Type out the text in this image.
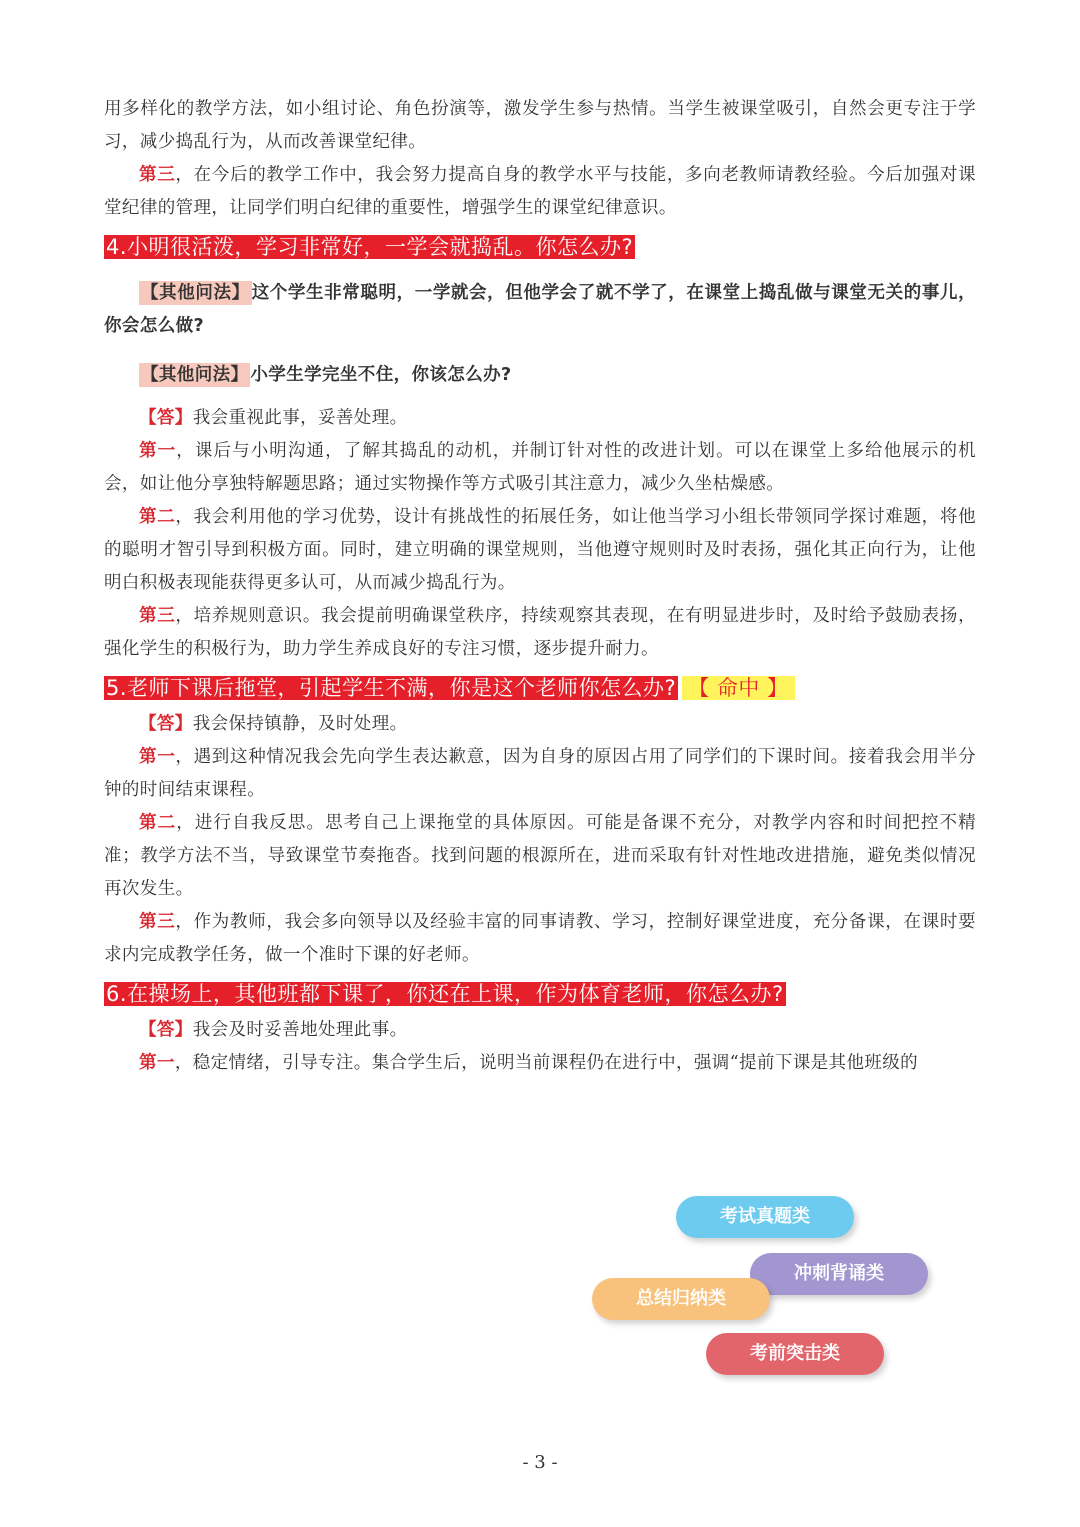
用多样化的教学方法，如小组讨论、角色扮演等，激发学生参与热情。当学生被课堂吸引，自然会更专注于学习，减少捣乱行为，从而改善课堂纪律。

第三，在今后的教学工作中，我会努力提高自身的教学水平与技能，多向老教师请教经验。今后加强对课堂纪律的管理，让同学们明白纪律的重要性，增强学生的课堂纪律意识。

4.小明很活泼，学习非常好，一学会就捣乱。你怎么办?

【其他问法】 这个学生非常聪明，一学就会，但他学会了就不学了，在课堂上捣乱做与课堂无关的事儿，你会怎么做?

【其他问法】 小学生学完坐不住，你该怎么办?

【答】我会重视此事，妥善处理。

第一，课后与小明沟通，了解其捣乱的动机，并制订针对性的改进计划。可以在课堂上多给他展示的机会，如让他分享独特解题思路；通过实物操作等方式吸引其注意力，减少久坐枯燥感。

第二，我会利用他的学习优势，设计有挑战性的拓展任务，如让他当学习小组长带领同学探讨难题，将他的聪明才智引导到积极方面。同时，建立明确的课堂规则，当他遵守规则时及时表扬，强化其正向行为，让他明白积极表现能获得更多认可，从而减少捣乱行为。

第三，培养规则意识。我会提前明确课堂秩序，持续观察其表现，在有明显进步时，及时给予鼓励表扬，强化学生的积极行为，助力学生养成良好的专注习惯，逐步提升耐力。

5.老师下课后拖堂，引起学生不满，你是这个老师你怎么办? 【 命中 】

【答】我会保持镇静，及时处理。

第一，遇到这种情况我会先向学生表达歉意，因为自身的原因占用了同学们的下课时间。接着我会用半分钟的时间结束课程。

第二，进行自我反思。思考自己上课拖堂的具体原因。可能是备课不充分，对教学内容和时间把控不精准；教学方法不当，导致课堂节奏拖沓。找到问题的根源所在，进而采取有针对性地改进措施，避免类似情况再次发生。

第三，作为教师，我会多向领导以及经验丰富的同事请教、学习，控制好课堂进度，充分备课，在课时要求内完成教学任务，做一个准时下课的好老师。

6.在操场上，其他班都下课了，你还在上课，作为体育老师，你怎么办?

【答】我会及时妥善地处理此事。

第一，稳定情绪，引导专注。集合学生后，说明当前课程仍在进行中，强调“提前下课是其他班级的

考试真题类
冲刺背诵类
总结归纳类
考前突击类
- 3 -
